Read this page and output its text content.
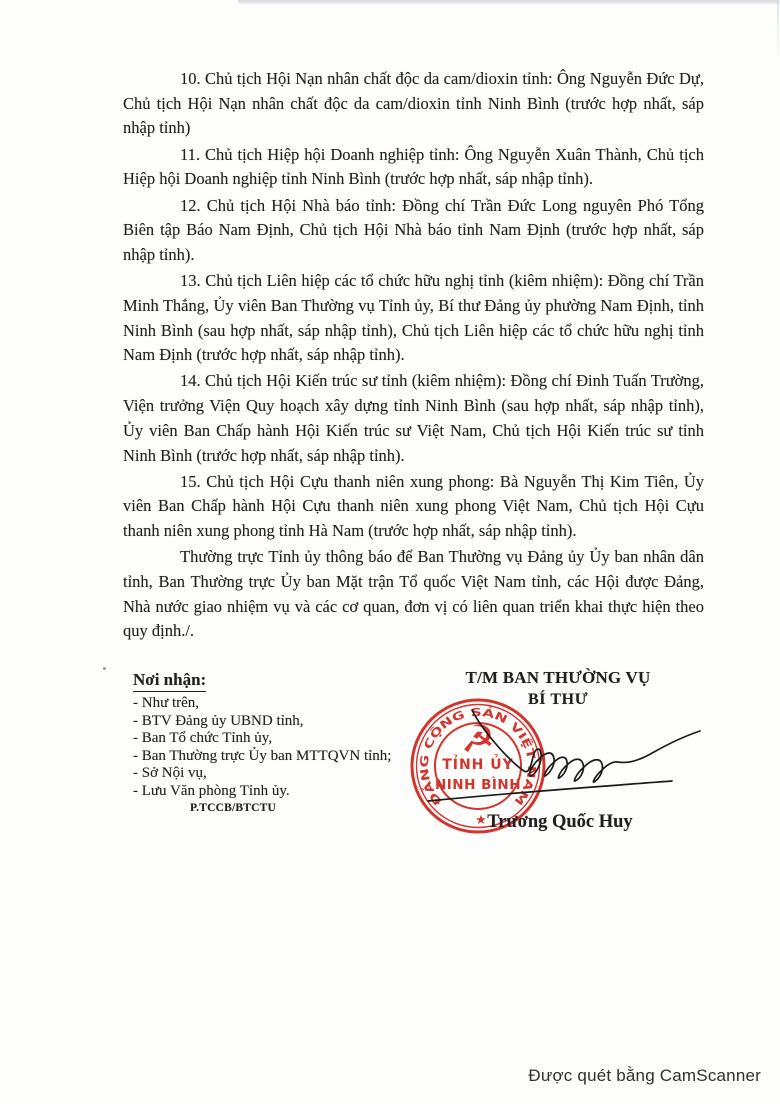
10. Chủ tịch Hội Nạn nhân chất độc da cam/dioxin tỉnh: Ông Nguyễn Đức Dự, Chủ tịch Hội Nạn nhân chất độc da cam/dioxin tỉnh Ninh Bình (trước hợp nhất, sáp nhập tỉnh)

11. Chủ tịch Hiệp hội Doanh nghiệp tỉnh: Ông Nguyễn Xuân Thành, Chủ tịch Hiệp hội Doanh nghiệp tỉnh Ninh Bình (trước hợp nhất, sáp nhập tỉnh).

12. Chủ tịch Hội Nhà báo tỉnh: Đồng chí Trần Đức Long nguyên Phó Tổng Biên tập Báo Nam Định, Chủ tịch Hội Nhà báo tỉnh Nam Định (trước hợp nhất, sáp nhập tỉnh).

13. Chủ tịch Liên hiệp các tổ chức hữu nghị tỉnh (kiêm nhiệm): Đồng chí Trần Minh Thắng, Ủy viên Ban Thường vụ Tỉnh ủy, Bí thư Đảng ủy phường Nam Định, tỉnh Ninh Bình (sau hợp nhất, sáp nhập tỉnh), Chủ tịch Liên hiệp các tổ chức hữu nghị tỉnh Nam Định (trước hợp nhất, sáp nhập tỉnh).

14. Chủ tịch Hội Kiến trúc sư tỉnh (kiêm nhiệm): Đồng chí Đinh Tuấn Trường, Viện trưởng Viện Quy hoạch xây dựng tỉnh Ninh Bình (sau hợp nhất, sáp nhập tỉnh), Ủy viên Ban Chấp hành Hội Kiến trúc sư Việt Nam, Chủ tịch Hội Kiến trúc sư tỉnh Ninh Bình (trước hợp nhất, sáp nhập tỉnh).

15. Chủ tịch Hội Cựu thanh niên xung phong: Bà Nguyễn Thị Kim Tiên, Ủy viên Ban Chấp hành Hội Cựu thanh niên xung phong Việt Nam, Chủ tịch Hội Cựu thanh niên xung phong tỉnh Hà Nam (trước hợp nhất, sáp nhập tỉnh).

Thường trực Tỉnh ủy thông báo để Ban Thường vụ Đảng ủy Ủy ban nhân dân tỉnh, Ban Thường trực Ủy ban Mặt trận Tổ quốc Việt Nam tỉnh, các Hội được Đảng, Nhà nước giao nhiệm vụ và các cơ quan, đơn vị có liên quan triển khai thực hiện theo quy định./.

Nơi nhận:
- Như trên,
- BTV Đảng ủy UBND tỉnh,
- Ban Tổ chức Tỉnh ủy,
- Ban Thường trực Ủy ban MTTQVN tỉnh;
- Sở Nội vụ,
- Lưu Văn phòng Tỉnh ủy.
P.TCCB/BTCTU
T/M BAN THƯỜNG VỤ
BÍ THƯ
ĐẢNG CỘNG SẢN VIỆT NAM
☭
TỈNH ỦY
NINH BÌNH
★ Trương Quốc Huy
Được quét bằng CamScanner
